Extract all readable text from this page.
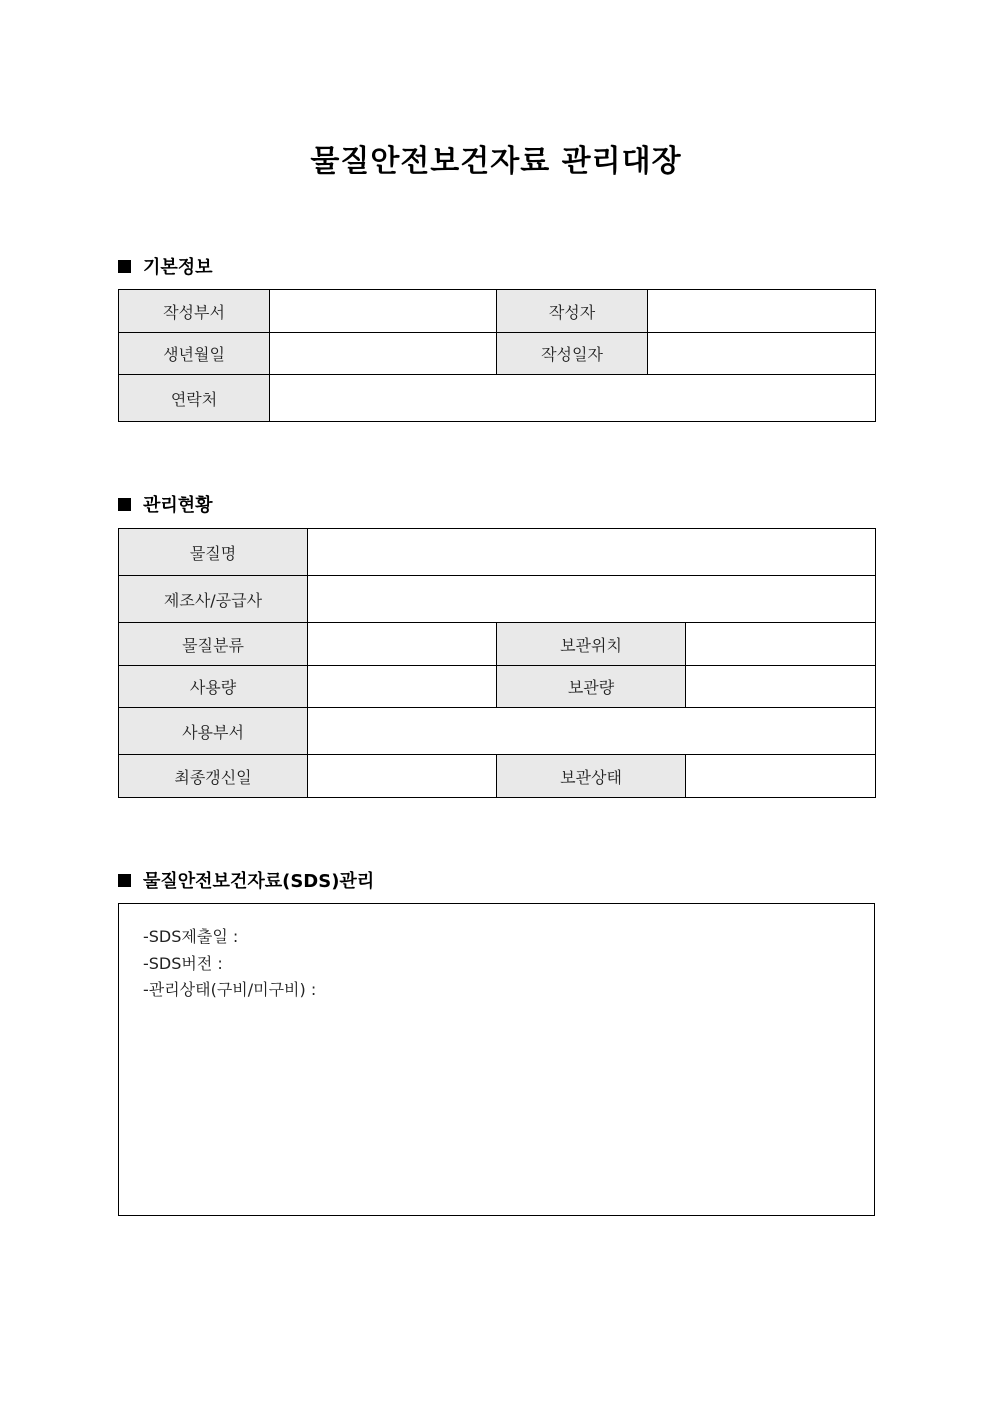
물질안전보건자료 관리대장
기본정보
작성부서		작성자	
생년월일		작성일자	
연락처			
관리현황
물질명			
제조사/공급사			
물질분류		보관위치	
사용량		보관량	
사용부서			
최종갱신일		보관상태	
물질안전보건자료(SDS)관리
-SDS제출일 :
-SDS버전 :
-관리상태(구비/미구비) :
